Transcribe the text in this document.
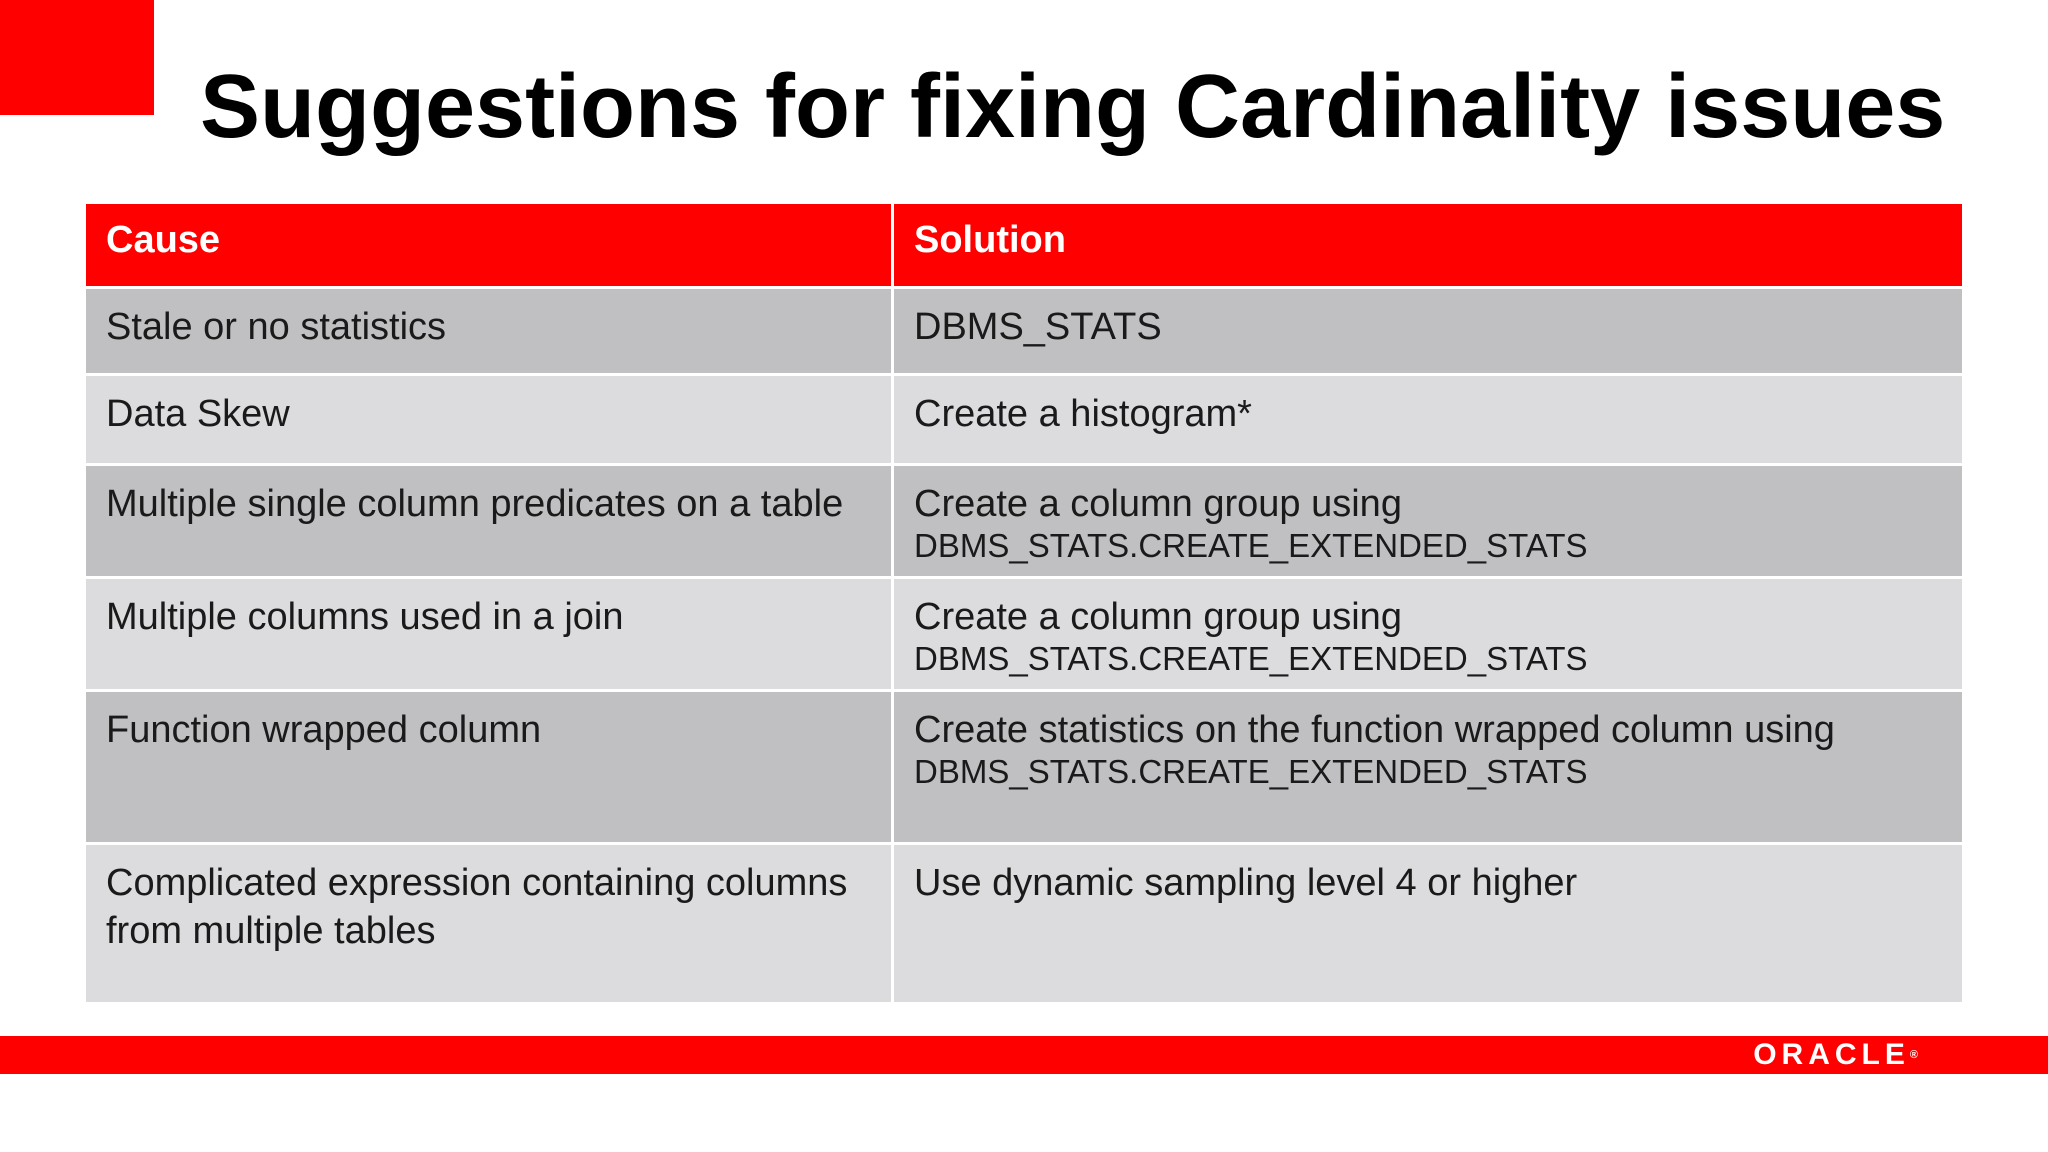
Suggestions for fixing Cardinality issues
Cause	Solution
Stale or no statistics	DBMS_STATS
Data Skew	Create a histogram*
Multiple single column predicates on a table	Create a column group using
DBMS_STATS.CREATE_EXTENDED_STATS

Multiple columns used in a join	Create a column group using
DBMS_STATS.CREATE_EXTENDED_STATS

Function wrapped column	Create statistics on the function wrapped column using
DBMS_STATS.CREATE_EXTENDED_STATS

Complicated expression containing columns from multiple tables	Use dynamic sampling level 4 or higher
ORACLE®
